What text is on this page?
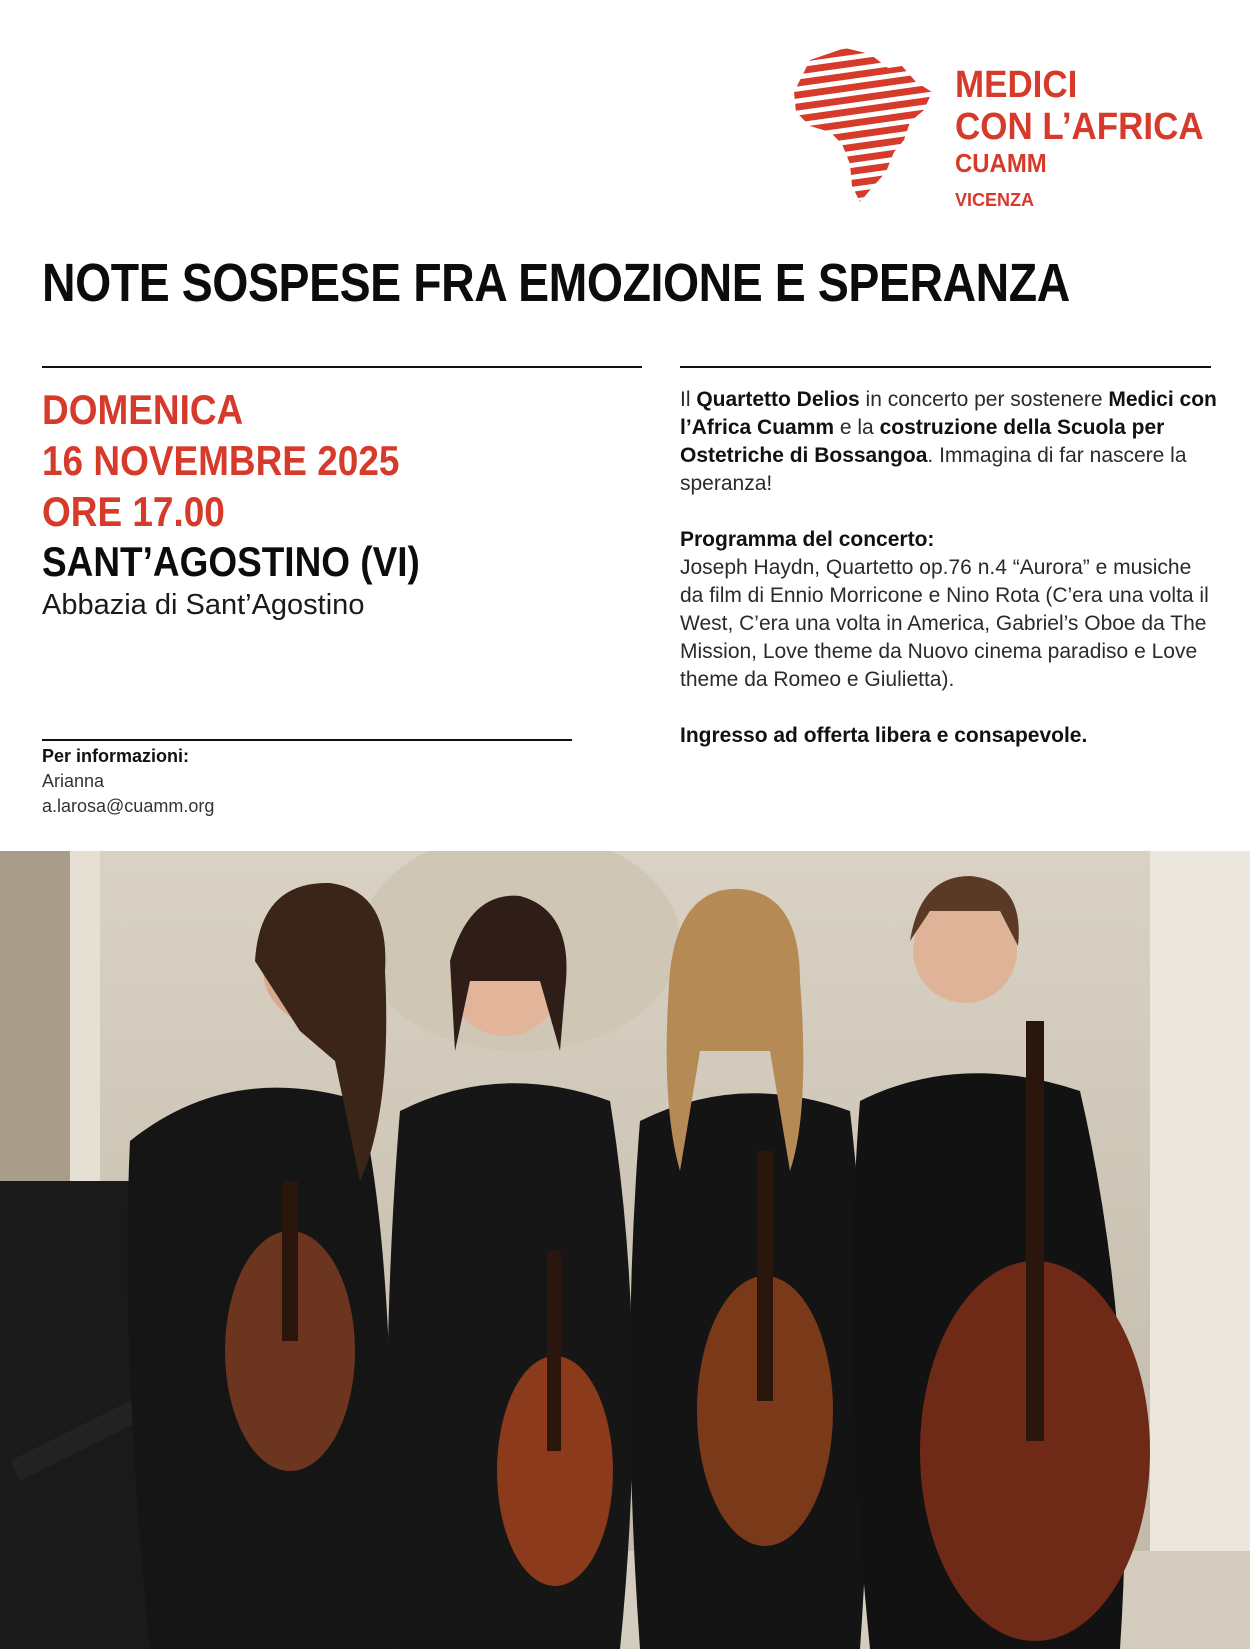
MEDICI
CON L’AFRICA
CUAMM
VICENZA
NOTE SOSPESE FRA EMOZIONE E SPERANZA
DOMENICA
16 NOVEMBRE 2025
ORE 17.00
SANT’AGOSTINO (VI)
Abbazia di Sant’Agostino
Per informazioni:
Arianna
a.larosa@cuamm.org

Il Quartetto Delios in concerto per sostenere Medici con l’Africa Cuamm e la costruzione della Scuola per Ostetriche di Bossangoa. Immagina di far nascere la speranza!

Programma del concerto:

Joseph Haydn, Quartetto op.76 n.4 “Aurora” e musiche da film di Ennio Morricone e Nino Rota (C’era una volta il West, C’era una volta in America, Gabriel’s Oboe da The Mission, Love theme da Nuovo cinema paradiso e Love theme da Romeo e Giulietta).

Ingresso ad offerta libera e consapevole.
